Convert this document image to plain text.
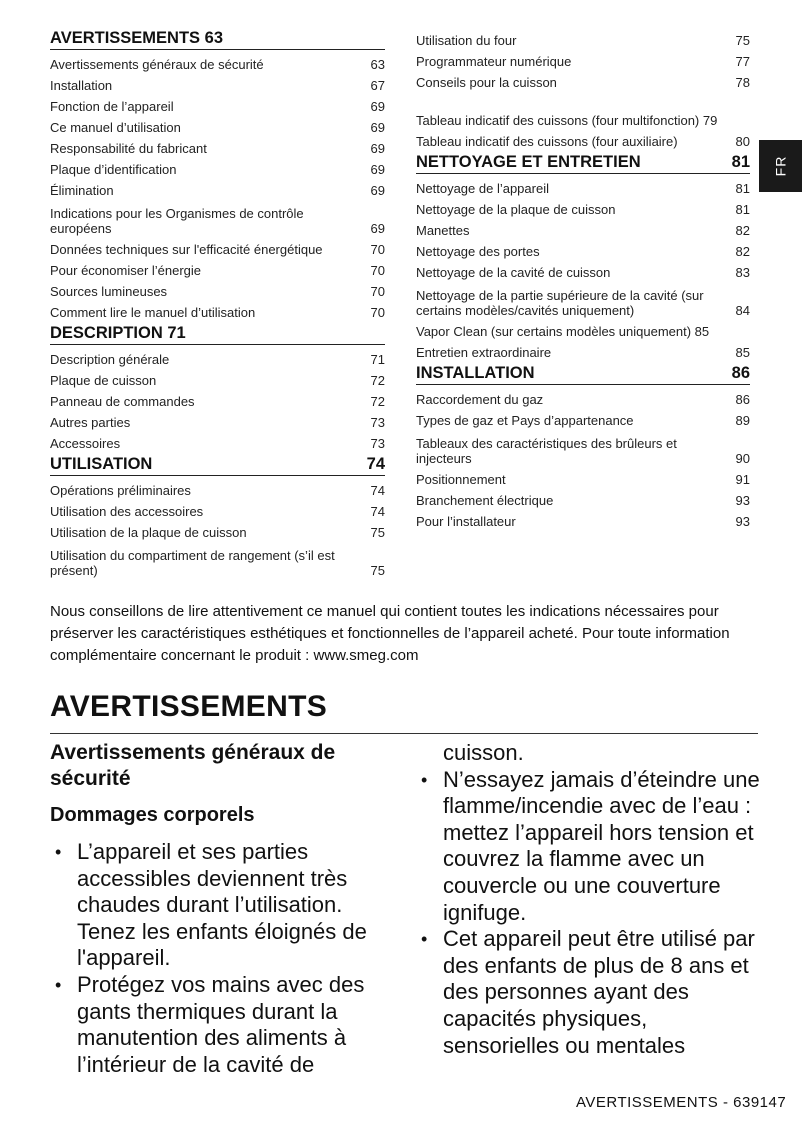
AVERTISSEMENTS 63
Avertissements généraux de sécurité	63
Installation	67
Fonction de l’appareil	69
Ce manuel d’utilisation	69
Responsabilité du fabricant	69
Plaque d’identification	69
Élimination	69
Indications pour les Organismes de contrôle européens	69
Données techniques sur l'efficacité énergétique	70
Pour économiser l’énergie	70
Sources lumineuses	70
Comment lire le manuel d’utilisation	70
DESCRIPTION 71
Description générale	71
Plaque de cuisson	72
Panneau de commandes	72
Autres parties	73
Accessoires	73
UTILISATION	74
Opérations préliminaires	74
Utilisation des accessoires	74
Utilisation de la plaque de cuisson	75
Utilisation du compartiment de rangement (s’il est présent)	75
Utilisation du four	75
Programmateur numérique	77
Conseils pour la cuisson	78
Tableau indicatif des cuissons (four multifonction) 79
Tableau indicatif des cuissons (four auxiliaire)	80
NETTOYAGE ET ENTRETIEN	81
Nettoyage de l’appareil	81
Nettoyage de la plaque de cuisson	81
Manettes	82
Nettoyage des portes	82
Nettoyage de la cavité de cuisson	83
Nettoyage de la partie supérieure de la cavité (sur certains modèles/cavités uniquement)	84
Vapor Clean (sur certains modèles uniquement) 85
Entretien extraordinaire	85
INSTALLATION	86
Raccordement du gaz	86
Types de gaz et Pays d’appartenance	89
Tableaux des caractéristiques des brûleurs et injecteurs	90
Positionnement	91
Branchement électrique	93
Pour l’installateur	93
FR

Nous conseillons de lire attentivement ce manuel qui contient toutes les indications nécessaires pour préserver les caractéristiques esthétiques et fonctionnelles de l’appareil acheté. Pour toute information complémentaire concernant le produit : www.smeg.com

AVERTISSEMENTS
Avertissements généraux de sécurité
Dommages corporels
• L’appareil et ses parties accessibles deviennent très chaudes durant l’utilisation. Tenez les enfants éloignés de l'appareil.
• Protégez vos mains avec des gants thermiques durant la manutention des aliments à l’intérieur de la cavité de
cuisson.
• N’essayez jamais d’éteindre une flamme/incendie avec de l’eau : mettez l’appareil hors tension et couvrez la flamme avec un couvercle ou une couverture ignifuge.
• Cet appareil peut être utilisé par des enfants de plus de 8 ans et des personnes ayant des capacités physiques, sensorielles ou mentales
AVERTISSEMENTS - 639147
